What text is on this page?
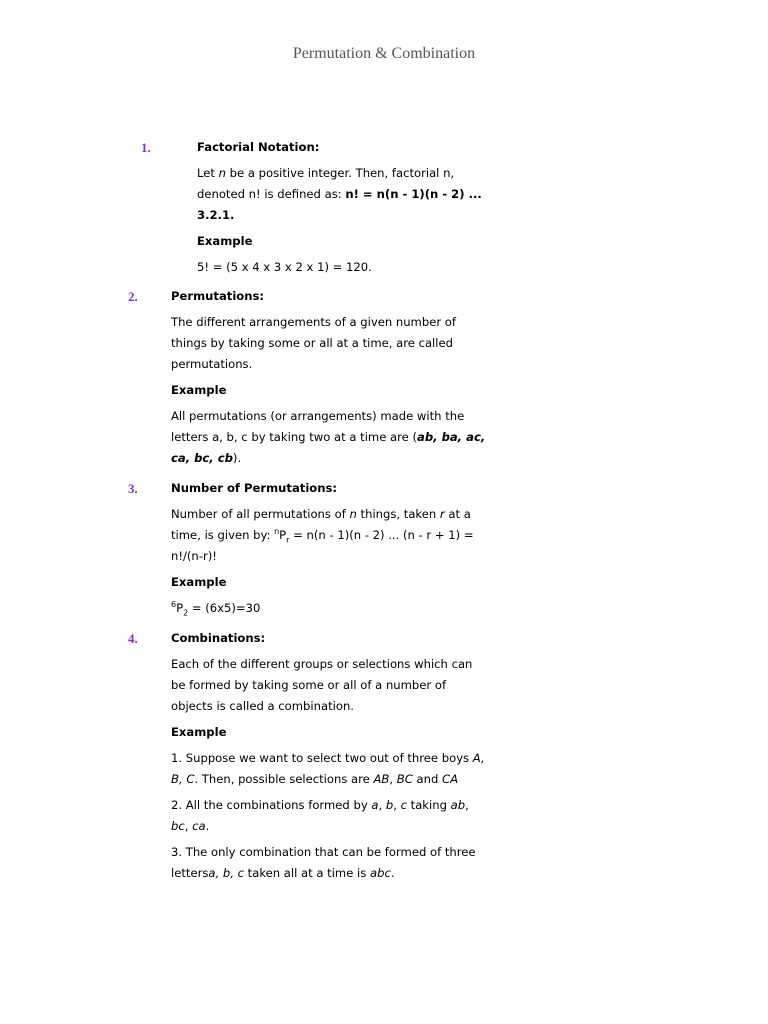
Permutation & Combination
1.	Factorial Notation:

Let n be a positive integer. Then, factorial n, denoted n! is defined as: n! = n(n - 1)(n - 2) ... 3.2.1.

Example

5! = (5 x 4 x 3 x 2 x 1) = 120.

2.	Permutations:

The different arrangements of a given number of things by taking some or all at a time, are called permutations.

Example

All permutations (or arrangements) made with the letters a, b, c by taking two at a time are (ab, ba, ac, ca, bc, cb).

3.	Number of Permutations:

Number of all permutations of n things, taken r at a time, is given by: $^nP_r = n(n - 1)(n - 2)$ ... (n - r + 1) = n!/(n-r)!

Example

$^6P_2 = (6x5)=30$

4.	Combinations:

Each of the different groups or selections which can be formed by taking some or all of a number of objects is called a combination.

Example

1. Suppose we want to select two out of three boys A, B, C. Then, possible selections are AB, BC and CA

2. All the combinations formed by a, b, c taking ab, bc, ca.

3. The only combination that can be formed of three lettersa, b, c taken all at a time is abc.
